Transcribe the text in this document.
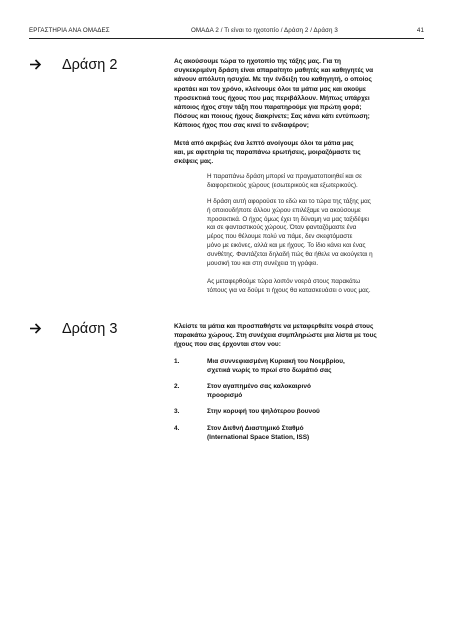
ΕΡΓΑΣΤΗΡΙΑ ΑΝΑ ΟΜΑΔΕΣ	ΟΜΑΔΑ 2 / Τι είναι το ηχοτοπίο / Δράση 2 / Δράση 3	41
Δράση 2	Ας ακούσουμε τώρα το ηχοτοπίο της τάξης μας. Για τη
συγκεκριμένη δράση είναι απαραίτητο μαθητές και καθηγητές να
κάνουν απόλυτη ησυχία. Με την ένδειξη του καθηγητή, ο οποίος
κρατάει και τον χρόνο, κλείνουμε όλοι τα μάτια μας και ακούμε
προσεκτικά τους ήχους που μας περιβάλλουν. Μήπως υπάρχει
κάποιος ήχος στην τάξη που παρατηρούμε για πρώτη φορά;
Πόσους και ποιους ήχους διακρίνετε; Σας κάνει κάτι εντύπωση;
Κάποιος ήχος που σας κινεί το ενδιαφέρον;
Μετά από ακριβώς ένα λεπτό ανοίγουμε όλοι τα μάτια μας
και, με αφετηρία τις παραπάνω ερωτήσεις, μοιραζόμαστε τις
σκέψεις μας.
Η παραπάνω δράση μπορεί να πραγματοποιηθεί και σε
διαφορετικούς χώρους (εσωτερικούς και εξωτερικούς).
Η δράση αυτή αφορούσε το εδώ και το τώρα της τάξης μας
ή οποιουδήποτε άλλου χώρου επιλέξαμε να ακούσουμε
προσεκτικά. Ο ήχος όμως έχει τη δύναμη να μας ταξιδέψει
και σε φανταστικούς χώρους. Όταν φανταζόμαστε ένα
μέρος που θέλουμε πολύ να πάμε, δεν σκεφτόμαστε
μόνο με εικόνες, αλλά και με ήχους. Το ίδιο κάνει και ένας
συνθέτης. Φαντάζεται δηλαδή πώς θα ήθελε να ακούγεται η
μουσική του και στη συνέχεια τη γράφει.
Ας μεταφερθούμε τώρα λοιπόν νοερά στους παρακάτω
τόπους για να δούμε τι ήχους θα κατασκευάσει ο νους μας.
Δράση 3	Κλείστε τα μάτια και προσπαθήστε να μεταφερθείτε νοερά στους
παρακάτω χώρους. Στη συνέχεια συμπληρώστε μια λίστα με τους
ήχους που σας έρχονται στον νου:
1.	Μια συννεφιασμένη Κυριακή του Νοεμβρίου,
σχετικά νωρίς το πρωί στο δωμάτιό σας
2.	Στον αγαπημένο σας καλοκαιρινό
προορισμό
3.	Στην κορυφή του ψηλότερου βουνού
4.	Στον Διεθνή Διαστημικό Σταθμό
(International Space Station, ISS)
